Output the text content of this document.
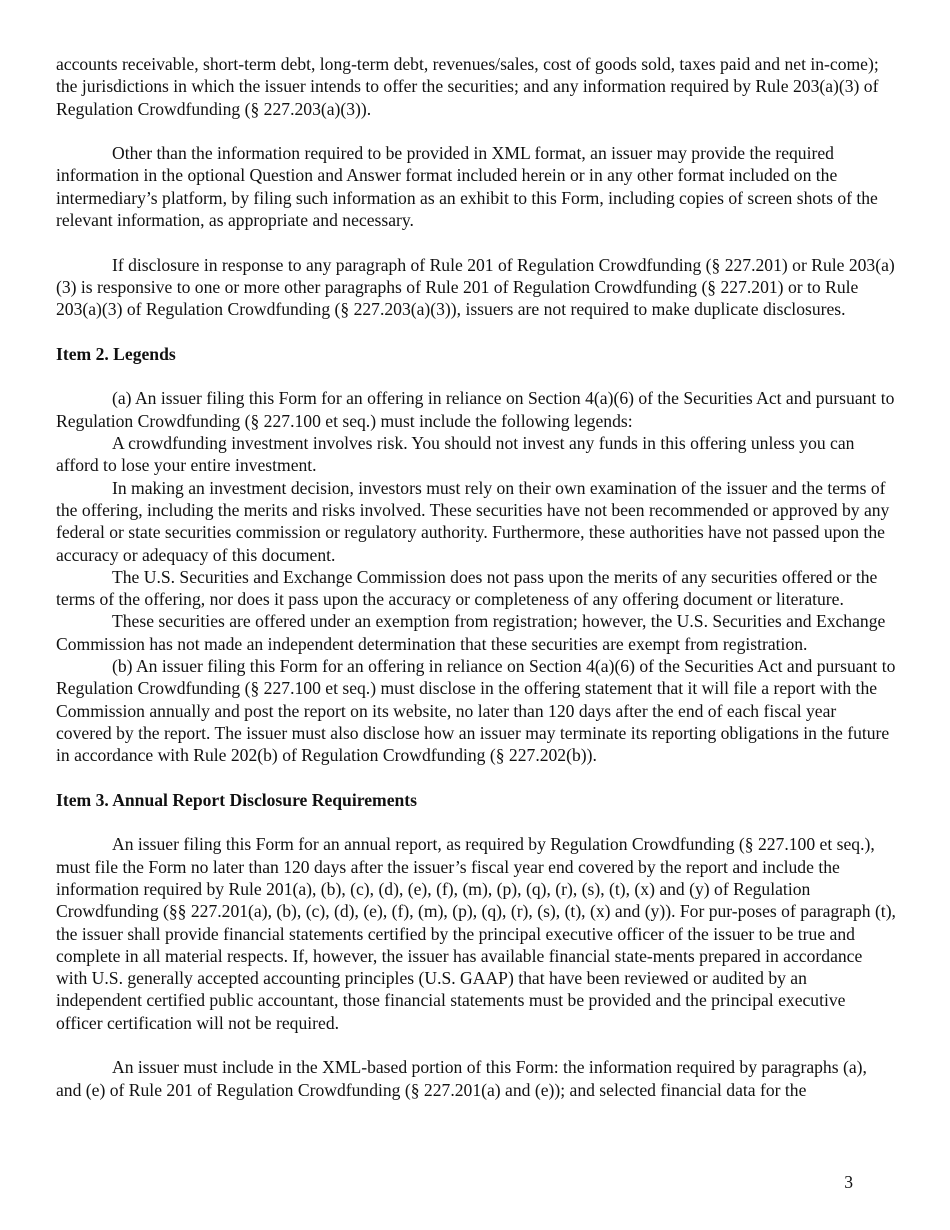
accounts receivable, short-term debt, long-term debt, revenues/sales, cost of goods sold, taxes paid and net in-come); the jurisdictions in which the issuer intends to offer the securities; and any information required by Rule 203(a)(3) of Regulation Crowdfunding (§ 227.203(a)(3)).

Other than the information required to be provided in XML format, an issuer may provide the required information in the optional Question and Answer format included herein or in any other format included on the intermediary’s platform, by filing such information as an exhibit to this Form, including copies of screen shots of the relevant information, as appropriate and necessary.

If disclosure in response to any paragraph of Rule 201 of Regulation Crowdfunding (§ 227.201) or Rule 203(a)(3) is responsive to one or more other paragraphs of Rule 201 of Regulation Crowdfunding (§ 227.201) or to Rule 203(a)(3) of Regulation Crowdfunding (§ 227.203(a)(3)), issuers are not required to make duplicate disclosures.

Item 2. Legends

(a) An issuer filing this Form for an offering in reliance on Section 4(a)(6) of the Securities Act and pursuant to Regulation Crowdfunding (§ 227.100 et seq.) must include the following legends:

A crowdfunding investment involves risk. You should not invest any funds in this offering unless you can afford to lose your entire investment.

In making an investment decision, investors must rely on their own examination of the issuer and the terms of the offering, including the merits and risks involved. These securities have not been recommended or approved by any federal or state securities commission or regulatory authority. Furthermore, these authorities have not passed upon the accuracy or adequacy of this document.

The U.S. Securities and Exchange Commission does not pass upon the merits of any securities offered or the terms of the offering, nor does it pass upon the accuracy or completeness of any offering document or literature.

These securities are offered under an exemption from registration; however, the U.S. Securities and Exchange Commission has not made an independent determination that these securities are exempt from registration.

(b) An issuer filing this Form for an offering in reliance on Section 4(a)(6) of the Securities Act and pursuant to Regulation Crowdfunding (§ 227.100 et seq.) must disclose in the offering statement that it will file a report with the Commission annually and post the report on its website, no later than 120 days after the end of each fiscal year covered by the report. The issuer must also disclose how an issuer may terminate its reporting obligations in the future in accordance with Rule 202(b) of Regulation Crowdfunding (§ 227.202(b)).

Item 3. Annual Report Disclosure Requirements

An issuer filing this Form for an annual report, as required by Regulation Crowdfunding (§ 227.100 et seq.), must file the Form no later than 120 days after the issuer’s fiscal year end covered by the report and include the information required by Rule 201(a), (b), (c), (d), (e), (f), (m), (p), (q), (r), (s), (t), (x) and (y) of Regulation Crowdfunding (§§ 227.201(a), (b), (c), (d), (e), (f), (m), (p), (q), (r), (s), (t), (x) and (y)). For pur-poses of paragraph (t), the issuer shall provide financial statements certified by the principal executive officer of the issuer to be true and complete in all material respects. If, however, the issuer has available financial state-ments prepared in accordance with U.S. generally accepted accounting principles (U.S. GAAP) that have been reviewed or audited by an independent certified public accountant, those financial statements must be provided and the principal executive officer certification will not be required.

An issuer must include in the XML-based portion of this Form: the information required by paragraphs (a), and (e) of Rule 201 of Regulation Crowdfunding (§ 227.201(a) and (e)); and selected financial data for the

3
